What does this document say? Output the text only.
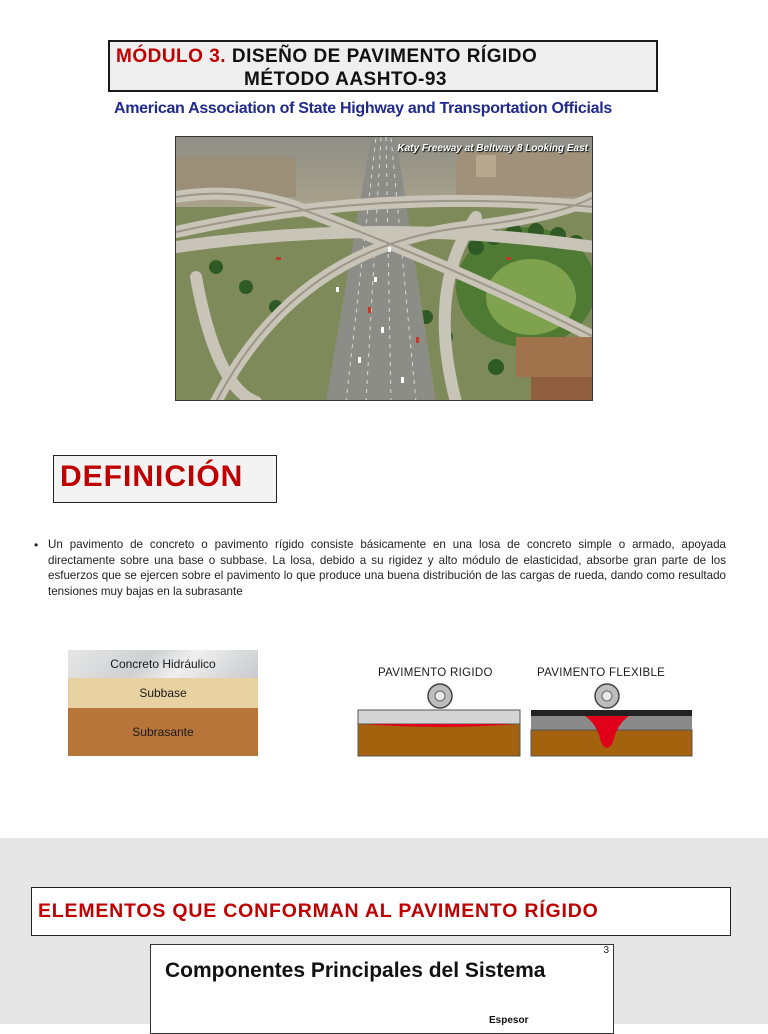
MÓDULO 3. DISEÑO DE PAVIMENTO RÍGIDO
MÉTODO AASHTO-93
American Association of State Highway and Transportation Officials
Katy Freeway at Beltway 8 Looking East
DEFINICIÓN
• Un pavimento de concreto o pavimento rígido consiste básicamente en una losa de concreto simple o armado, apoyada directamente sobre una base o subbase. La losa, debido a su rigidez y alto módulo de elasticidad, absorbe gran parte de los esfuerzos que se ejercen sobre el pavimento lo que produce una buena distribución de las cargas de rueda, dando como resultado tensiones muy bajas en la subrasante
Concreto Hidráulico
Subbase
Subrasante
PAVIMENTO RIGIDO	PAVIMENTO FLEXIBLE
ELEMENTOS QUE CONFORMAN AL PAVIMENTO RÍGIDO
3
Componentes Principales del Sistema
Espesor
